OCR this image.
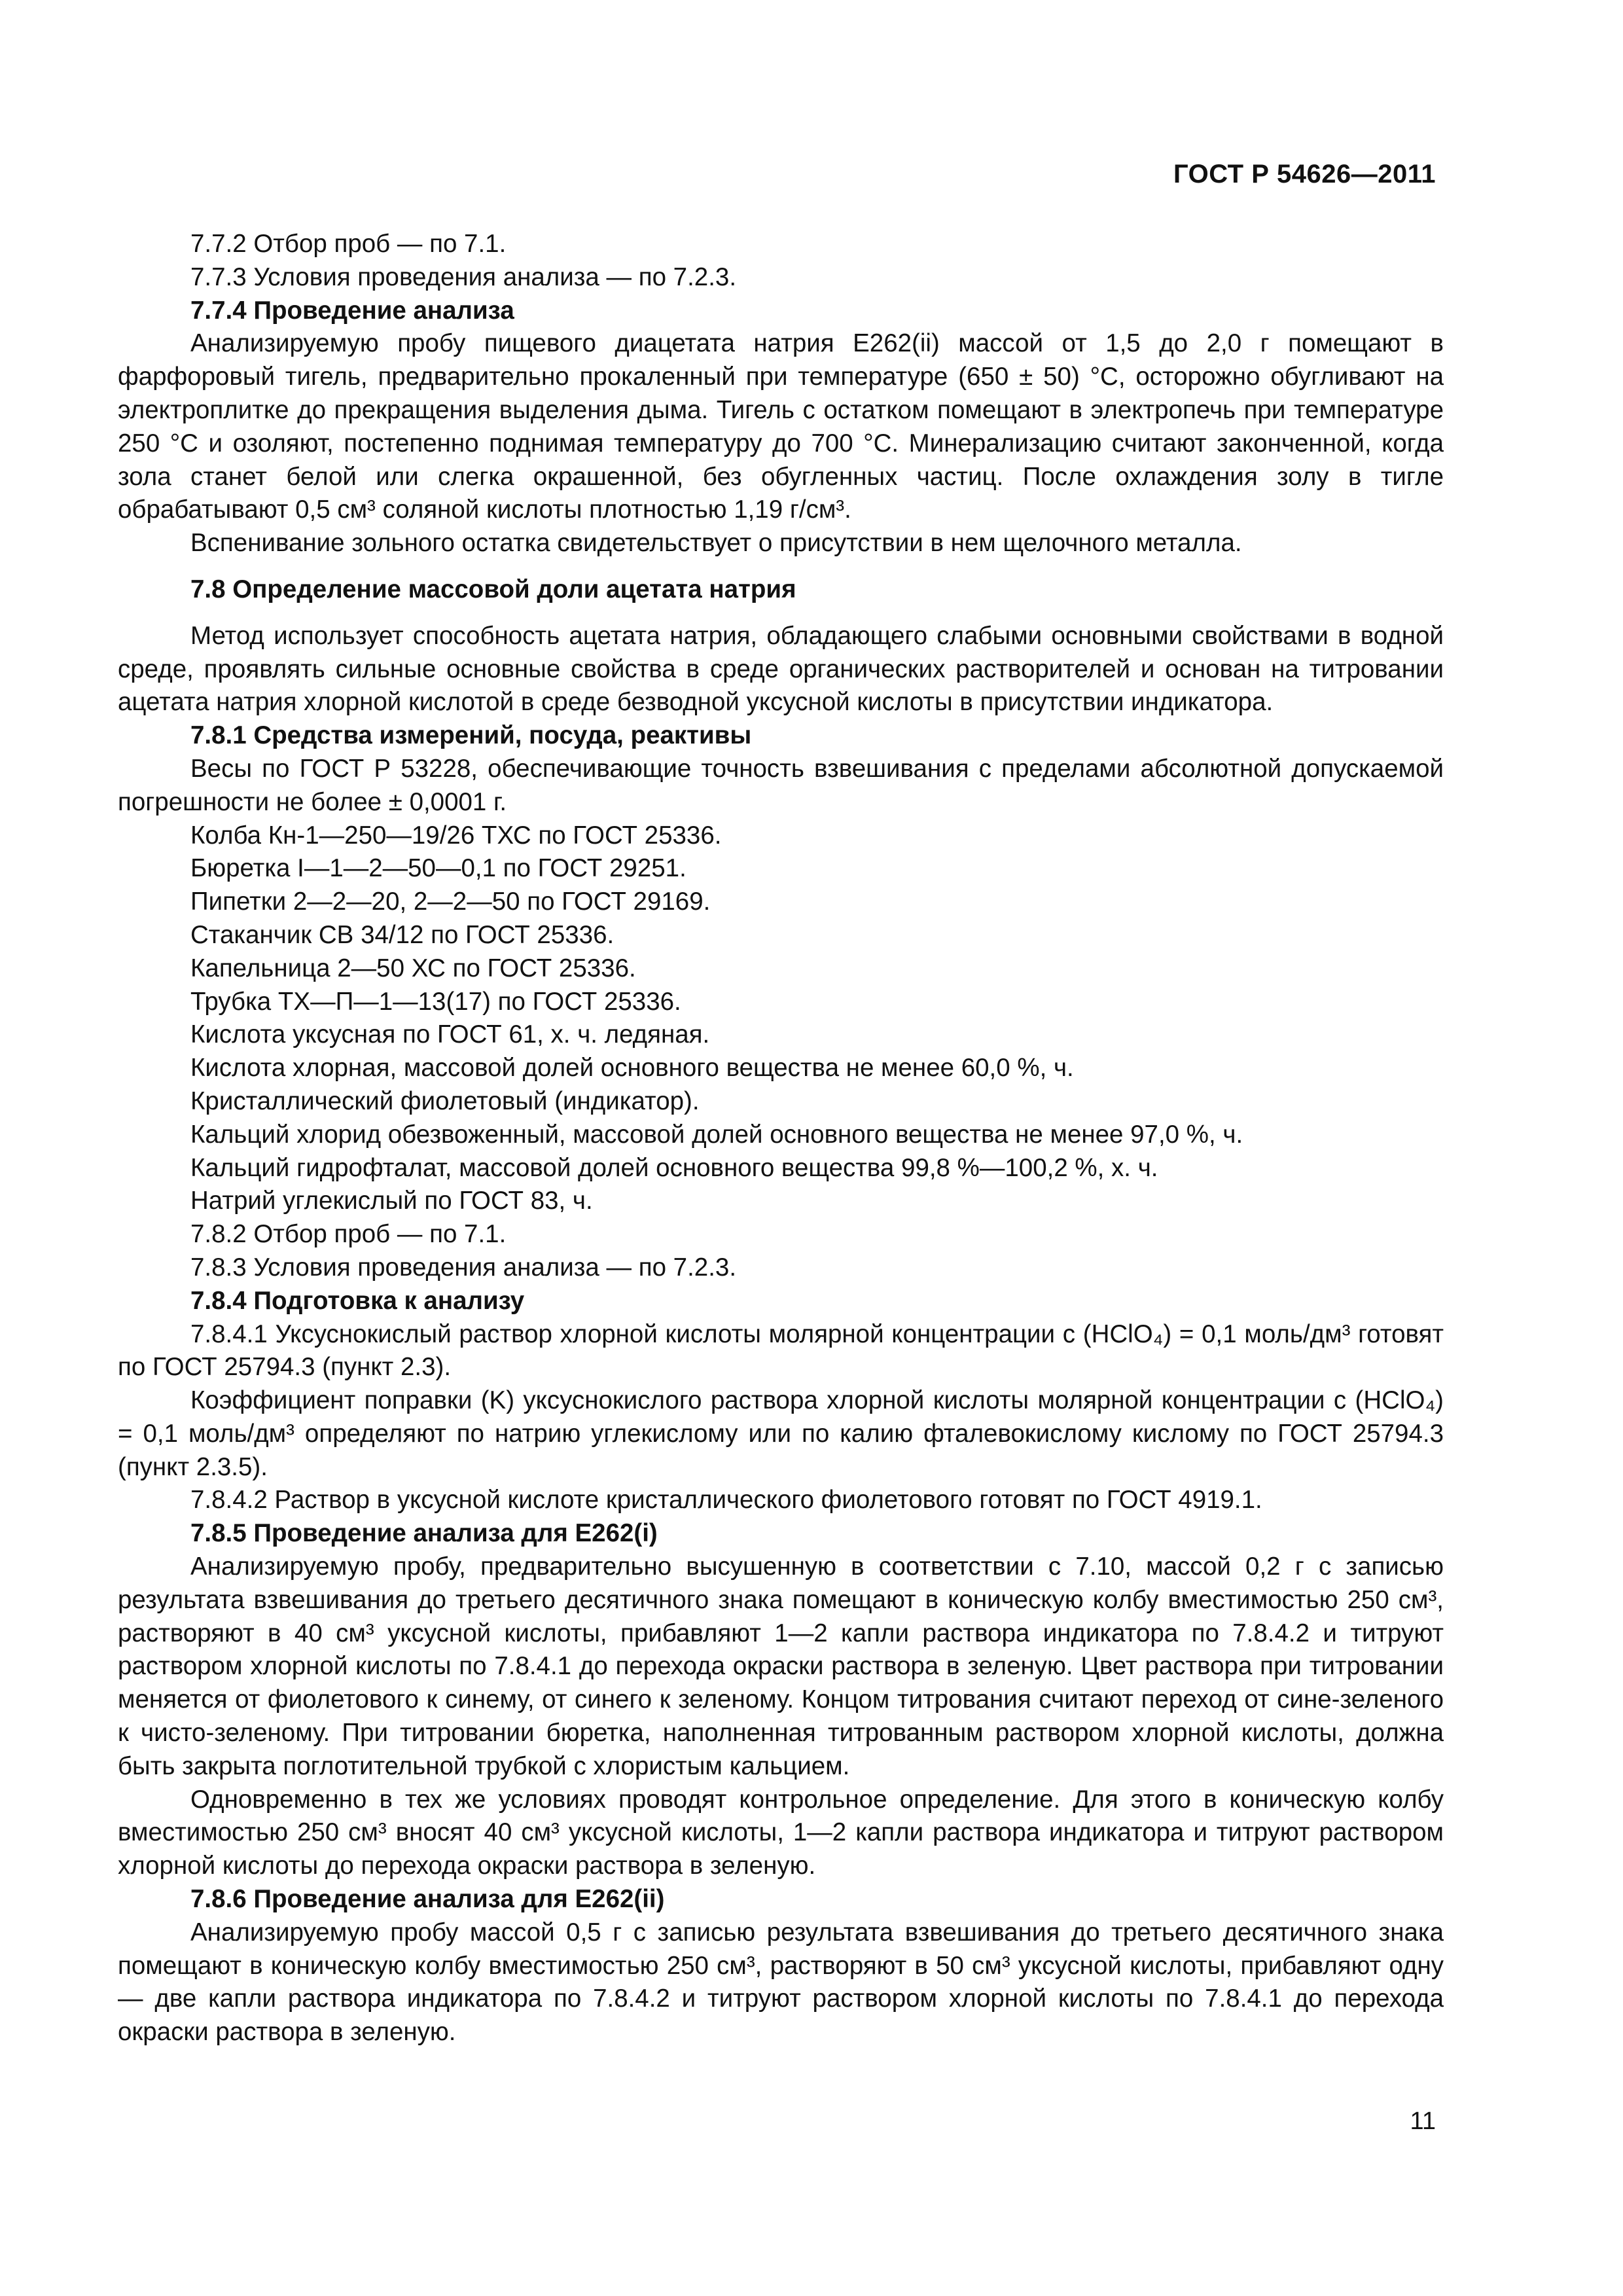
ГОСТ Р 54626—2011

7.7.2 Отбор проб — по 7.1.

7.7.3 Условия проведения анализа — по 7.2.3.

7.7.4 Проведение анализа

Анализируемую пробу пищевого диацетата натрия Е262(ii) массой от 1,5 до 2,0 г помещают в фарфоровый тигель, предварительно прокаленный при температуре (650 ± 50) °С, осторожно обугливают на электроплитке до прекращения выделения дыма. Тигель с остатком помещают в электропечь при температуре 250 °С и озоляют, постепенно поднимая температуру до 700 °С. Минерализацию считают законченной, когда зола станет белой или слегка окрашенной, без обугленных частиц. После охлаждения золу в тигле обрабатывают 0,5 см³ соляной кислоты плотностью 1,19 г/см³.

Вспенивание зольного остатка свидетельствует о присутствии в нем щелочного металла.

7.8 Определение массовой доли ацетата натрия

Метод использует способность ацетата натрия, обладающего слабыми основными свойствами в водной среде, проявлять сильные основные свойства в среде органических растворителей и основан на титровании ацетата натрия хлорной кислотой в среде безводной уксусной кислоты в присутствии индикатора.

7.8.1 Средства измерений, посуда, реактивы

Весы по ГОСТ Р 53228, обеспечивающие точность взвешивания с пределами абсолютной допускаемой погрешности не более ± 0,0001 г.

Колба Кн-1—250—19/26 ТХС по ГОСТ 25336.

Бюретка I—1—2—50—0,1 по ГОСТ 29251.

Пипетки 2—2—20, 2—2—50 по ГОСТ 29169.

Стаканчик СВ 34/12 по ГОСТ 25336.

Капельница 2—50 ХС по ГОСТ 25336.

Трубка ТХ—П—1—13(17) по ГОСТ 25336.

Кислота уксусная по ГОСТ 61, х. ч. ледяная.

Кислота хлорная, массовой долей основного вещества не менее 60,0 %, ч.

Кристаллический фиолетовый (индикатор).

Кальций хлорид обезвоженный, массовой долей основного вещества не менее 97,0 %, ч.

Кальций гидрофталат, массовой долей основного вещества 99,8 %—100,2 %, х. ч.

Натрий углекислый по ГОСТ 83, ч.

7.8.2 Отбор проб — по 7.1.

7.8.3 Условия проведения анализа — по 7.2.3.

7.8.4 Подготовка к анализу

7.8.4.1 Уксуснокислый раствор хлорной кислоты молярной концентрации c (HClO₄) = 0,1 моль/дм³ готовят по ГОСТ 25794.3 (пункт 2.3).

Коэффициент поправки (K) уксуснокислого раствора хлорной кислоты молярной концентрации c (HClO₄) = 0,1 моль/дм³ определяют по натрию углекислому или по калию фталевокислому кислому по ГОСТ 25794.3 (пункт 2.3.5).

7.8.4.2 Раствор в уксусной кислоте кристаллического фиолетового готовят по ГОСТ 4919.1.

7.8.5 Проведение анализа для Е262(i)

Анализируемую пробу, предварительно высушенную в соответствии с 7.10, массой 0,2 г с записью результата взвешивания до третьего десятичного знака помещают в коническую колбу вместимостью 250 см³, растворяют в 40 см³ уксусной кислоты, прибавляют 1—2 капли раствора индикатора по 7.8.4.2 и титруют раствором хлорной кислоты по 7.8.4.1 до перехода окраски раствора в зеленую. Цвет раствора при титровании меняется от фиолетового к синему, от синего к зеленому. Концом титрования считают переход от сине-зеленого к чисто-зеленому. При титровании бюретка, наполненная титрованным раствором хлорной кислоты, должна быть закрыта поглотительной трубкой с хлористым кальцием.

Одновременно в тех же условиях проводят контрольное определение. Для этого в коническую колбу вместимостью 250 см³ вносят 40 см³ уксусной кислоты, 1—2 капли раствора индикатора и титруют раствором хлорной кислоты до перехода окраски раствора в зеленую.

7.8.6 Проведение анализа для Е262(ii)

Анализируемую пробу массой 0,5 г с записью результата взвешивания до третьего десятичного знака помещают в коническую колбу вместимостью 250 см³, растворяют в 50 см³ уксусной кислоты, прибавляют одну — две капли раствора индикатора по 7.8.4.2 и титруют раствором хлорной кислоты по 7.8.4.1 до перехода окраски раствора в зеленую.

11
